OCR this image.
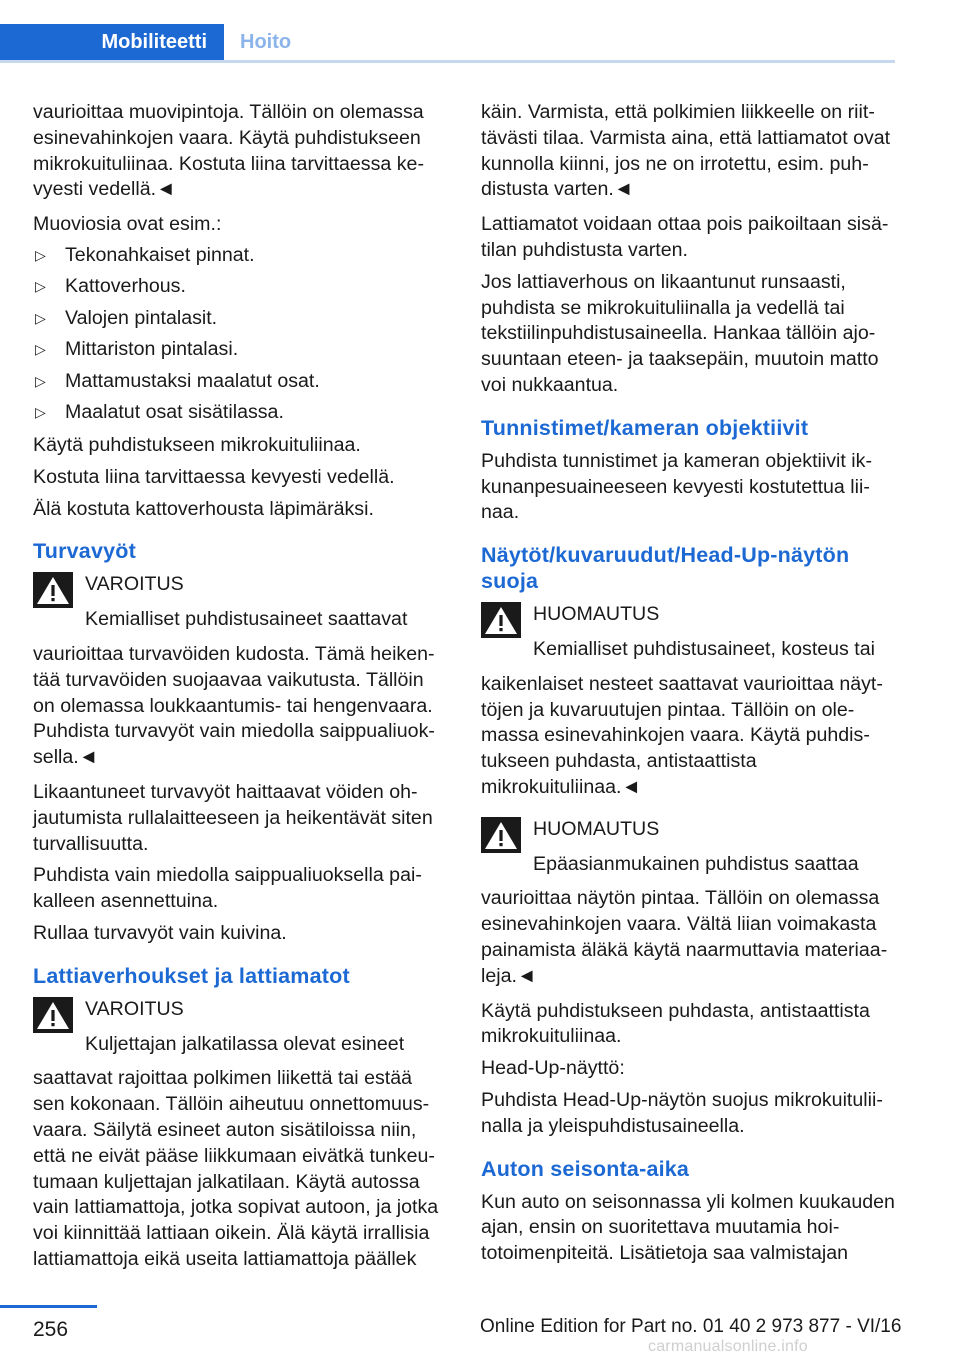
Mobiliteetti	Hoito

vaurioittaa muovipintoja. Tällöin on olemassa esinevahinkojen vaara. Käytä puhdistukseen mikrokuituliinaa. Kostuta liina tarvittaessa kevyesti vedellä.◄

Muoviosia ovat esim.:

▷ Tekonahkaiset pinnat.
▷ Kattoverhous.
▷ Valojen pintalasit.
▷ Mittariston pintalasi.
▷ Mattamustaksi maalatut osat.
▷ Maalatut osat sisätilassa.

Käytä puhdistukseen mikrokuituliinaa.

Kostuta liina tarvittaessa kevyesti vedellä.

Älä kostuta kattoverhousta läpimäräksi.

Turvavyöt

VAROITUS

Kemialliset puhdistusaineet saattavat

vaurioittaa turvavöiden kudosta. Tämä heikentää turvavöiden suojaavaa vaikutusta. Tällöin on olemassa loukkaantumis- tai hengenvaara. Puhdista turvavyöt vain miedolla saippualiuoksella.◄

Likaantuneet turvavyöt haittaavat vöiden ohjautumista rullalaitteeseen ja heikentävät siten turvallisuutta.

Puhdista vain miedolla saippualiuoksella paikalleen asennettuina.

Rullaa turvavyöt vain kuivina.

Lattiaverhoukset ja lattiamatot

VAROITUS

Kuljettajan jalkatilassa olevat esineet

saattavat rajoittaa polkimen liikettä tai estää sen kokonaan. Tällöin aiheutuu onnettomuusvaara. Säilytä esineet auton sisätiloissa niin, että ne eivät pääse liikkumaan eivätkä tunkeutumaan kuljettajan jalkatilaan. Käytä autossa vain lattiamattoja, jotka sopivat autoon, ja jotka voi kiinnittää lattiaan oikein. Älä käytä irrallisia lattiamattoja eikä useita lattiamattoja päällek

käin. Varmista, että polkimien liikkeelle on riittävästi tilaa. Varmista aina, että lattiamatot ovat kunnolla kiinni, jos ne on irrotettu, esim. puhdistusta varten.◄

Lattiamatot voidaan ottaa pois paikoiltaan sisätilan puhdistusta varten.

Jos lattiaverhous on likaantunut runsaasti, puhdista se mikrokuituliinalla ja vedellä tai tekstiilinpuhdistusaineella. Hankaa tällöin ajosuuntaan eteen- ja taaksepäin, muutoin matto voi nukkaantua.

Tunnistimet/kameran objektiivit

Puhdista tunnistimet ja kameran objektiivit ikkunanpesuaineeseen kevyesti kostutettua liinaa.

Näytöt/kuvaruudut/Head-Up-näytön suoja

HUOMAUTUS

Kemialliset puhdistusaineet, kosteus tai

kaikenlaiset nesteet saattavat vaurioittaa näyttöjen ja kuvaruutujen pintaa. Tällöin on olemassa esinevahinkojen vaara. Käytä puhdistukseen puhdasta, antistaattista mikrokuituliinaa.◄

HUOMAUTUS

Epäasianmukainen puhdistus saattaa

vaurioittaa näytön pintaa. Tällöin on olemassa esinevahinkojen vaara. Vältä liian voimakasta painamista äläkä käytä naarmuttavia materiaaleja.◄

Käytä puhdistukseen puhdasta, antistaattista mikrokuituliinaa.

Head-Up-näyttö:

Puhdista Head-Up-näytön suojus mikrokuituliinalla ja yleispuhdistusaineella.

Auton seisonta-aika

Kun auto on seisonnassa yli kolmen kuukauden ajan, ensin on suoritettava muutamia hoitotoimenpiteitä. Lisätietoja saa valmistajan

256	Online Edition for Part no. 01 40 2 973 877 - VI/16
carmanualsonline.info
